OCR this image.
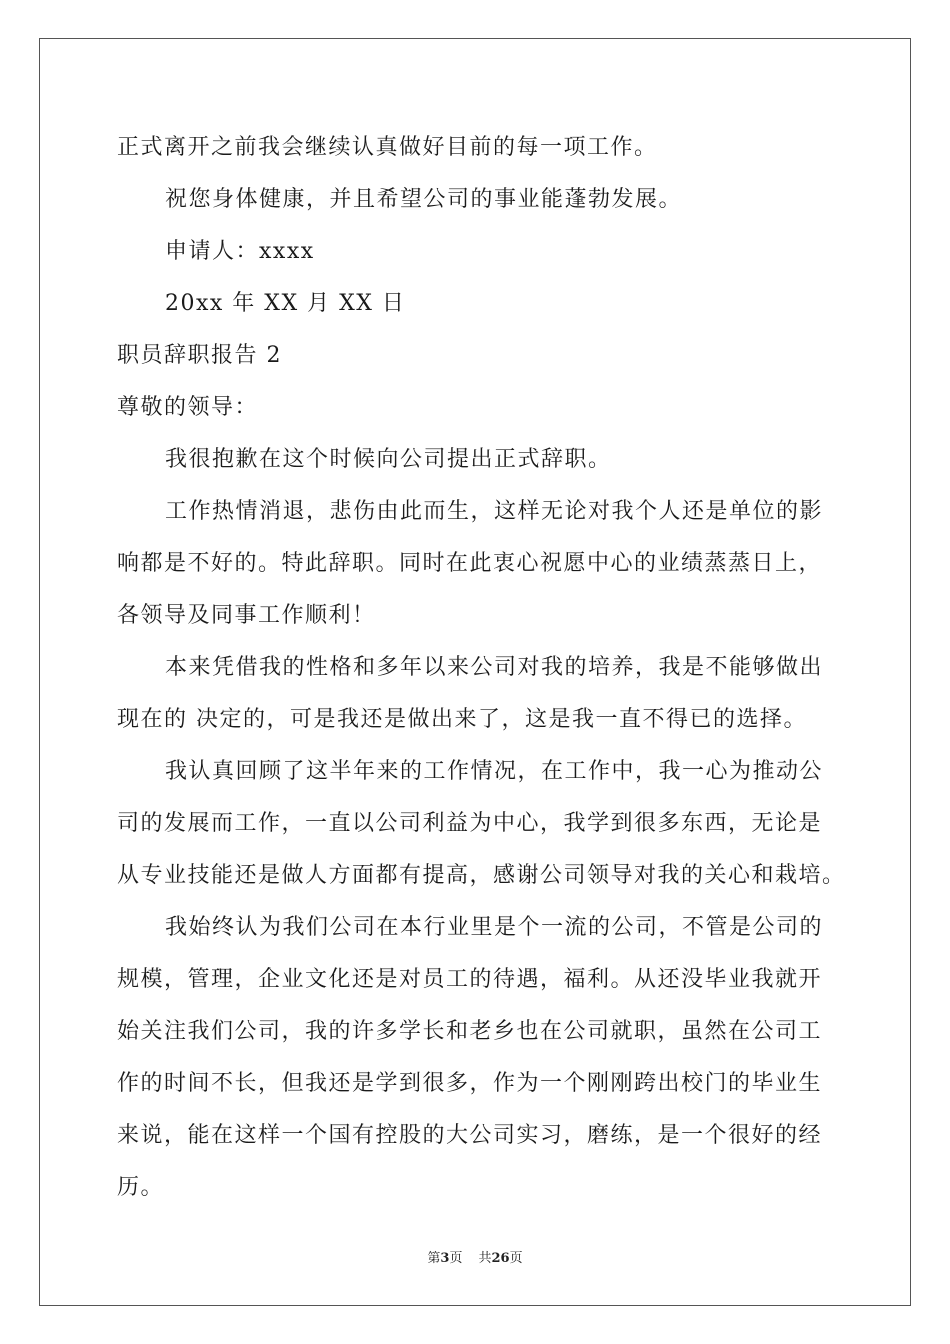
正式离开之前我会继续认真做好目前的每一项工作。

祝您身体健康，并且希望公司的事业能蓬勃发展。

申请人：xxxx

20xx 年 XX 月 XX 日

职员辞职报告 2

尊敬的领导：

我很抱歉在这个时候向公司提出正式辞职。

工作热情消退，悲伤由此而生，这样无论对我个人还是单位的影

响都是不好的。特此辞职。同时在此衷心祝愿中心的业绩蒸蒸日上，

各领导及同事工作顺利！

本来凭借我的性格和多年以来公司对我的培养，我是不能够做出

现在的 决定的，可是我还是做出来了，这是我一直不得已的选择。

我认真回顾了这半年来的工作情况，在工作中，我一心为推动公

司的发展而工作，一直以公司利益为中心，我学到很多东西，无论是

从专业技能还是做人方面都有提高，感谢公司领导对我的关心和栽培。

我始终认为我们公司在本行业里是个一流的公司，不管是公司的

规模，管理，企业文化还是对员工的待遇，福利。从还没毕业我就开

始关注我们公司，我的许多学长和老乡也在公司就职，虽然在公司工

作的时间不长，但我还是学到很多，作为一个刚刚跨出校门的毕业生

来说，能在这样一个国有控股的大公司实习，磨练，是一个很好的经

历。

第3页 共26页
